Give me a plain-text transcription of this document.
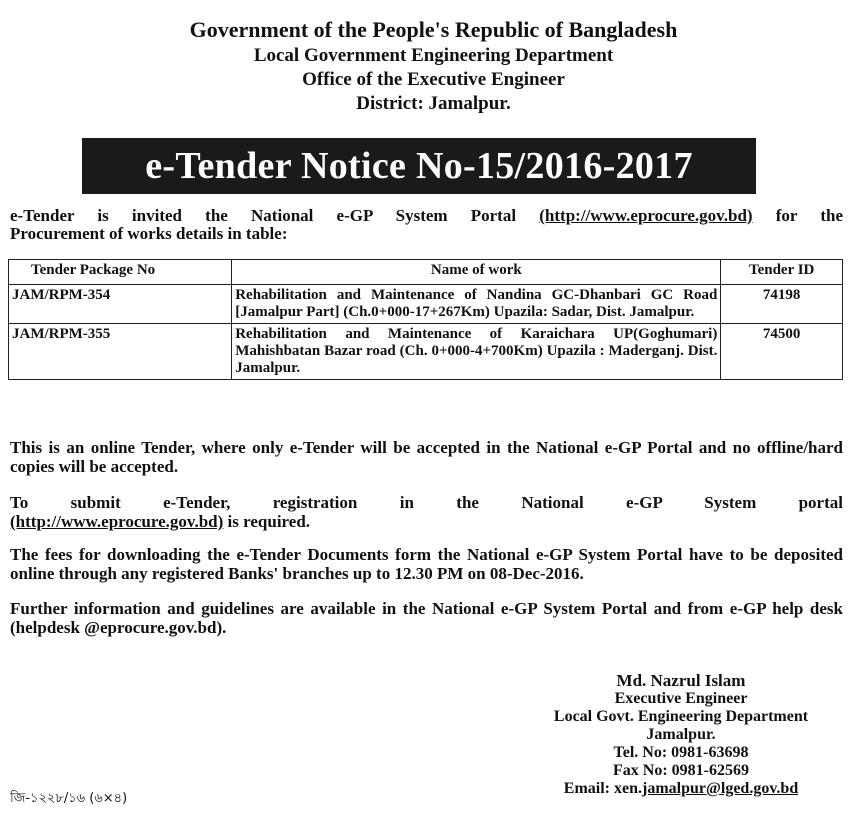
Government of the People's Republic of Bangladesh
Local Government Engineering Department
Office of the Executive Engineer
District: Jamalpur.
e-Tender Notice No-15/2016-2017
e-Tender is invited the National e-GP System Portal (http://www.eprocure.gov.bd) for the
Procurement of works details in table:
Tender Package No	Name of work	Tender ID
JAM/RPM-354	Rehabilitation and Maintenance of Nandina GC-Dhanbari GC Road [Jamalpur Part] (Ch.0+000-17+267Km) Upazila: Sadar, Dist. Jamalpur.	74198
JAM/RPM-355	Rehabilitation and Maintenance of Karaichara UP(Goghumari) Mahishbatan Bazar road (Ch. 0+000-4+700Km) Upazila : Maderganj. Dist. Jamalpur.	74500
This is an online Tender, where only e-Tender will be accepted in the National e-GP Portal and no offline/hard copies will be accepted.
To submit e-Tender, registration in the National e-GP System portal
(http://www.eprocure.gov.bd) is required.
The fees for downloading the e-Tender Documents form the National e-GP System Portal have to be deposited online through any registered Banks' branches up to 12.30 PM on 08-Dec-2016.
Further information and guidelines are available in the National e-GP System Portal and from e-GP help desk (helpdesk @eprocure.gov.bd).
Md. Nazrul Islam
Executive Engineer
Local Govt. Engineering Department
Jamalpur.
Tel. No: 0981-63698
Fax No: 0981-62569
Email: xen.jamalpur@lged.gov.bd
জি-১২২৮/১৬ (৬×৪)
